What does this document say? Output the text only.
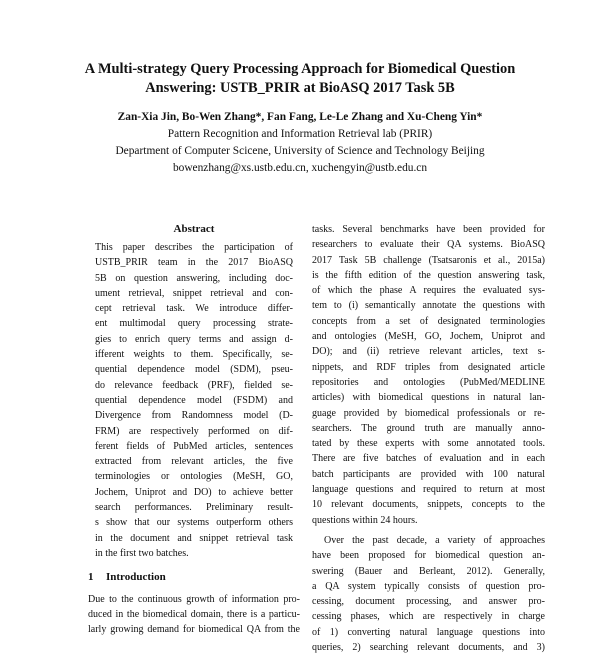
A Multi-strategy Query Processing Approach for Biomedical Question
Answering: USTB_PRIR at BioASQ 2017 Task 5B
Zan-Xia Jin, Bo-Wen Zhang*, Fan Fang, Le-Le Zhang and Xu-Cheng Yin*
Pattern Recognition and Information Retrieval lab (PRIR)
Department of Computer Scicene, University of Science and Technology Beijing
bowenzhang@xs.ustb.edu.cn, xuchengyin@ustb.edu.cn
Abstract
This paper describes the participation of
USTB_PRIR team in the 2017 BioASQ
5B on question answering, including doc-
ument retrieval, snippet retrieval and con-
cept retrieval task. We introduce differ-
ent multimodal query processing strate-
gies to enrich query terms and assign d-
ifferent weights to them. Specifically, se-
quential dependence model (SDM), pseu-
do relevance feedback (PRF), fielded se-
quential dependence model (FSDM) and
Divergence from Randomness model (D-
FRM) are respectively performed on dif-
ferent fields of PubMed articles, sentences
extracted from relevant articles, the five
terminologies or ontologies (MeSH, GO,
Jochem, Uniprot and DO) to achieve better
search performances. Preliminary result-
s show that our systems outperform others
in the document and snippet retrieval task
in the first two batches.
1 Introduction
Due to the continuous growth of information pro-
duced in the biomedical domain, there is a particu-
larly growing demand for biomedical QA from the
tasks. Several benchmarks have been provided for
researchers to evaluate their QA systems. BioASQ
2017 Task 5B challenge (Tsatsaronis et al., 2015a)
is the fifth edition of the question answering task,
of which the phase A requires the evaluated sys-
tem to (i) semantically annotate the questions with
concepts from a set of designated terminologies
and ontologies (MeSH, GO, Jochem, Uniprot and
DO); and (ii) retrieve relevant articles, text s-
nippets, and RDF triples from designated article
repositories and ontologies (PubMed/MEDLINE
articles) with biomedical questions in natural lan-
guage provided by biomedical professionals or re-
searchers. The ground truth are manually anno-
tated by these experts with some annotated tools.
There are five batches of evaluation and in each
batch participants are provided with 100 natural
language questions and required to return at most
10 relevant documents, snippets, concepts to the
questions within 24 hours.
Over the past decade, a variety of approaches
have been proposed for biomedical question an-
swering (Bauer and Berleant, 2012). Generally,
a QA system typically consists of question pro-
cessing, document processing, and answer pro-
cessing phases, which are respectively in charge
of 1) converting natural language questions into
queries, 2) searching relevant documents, and 3)
